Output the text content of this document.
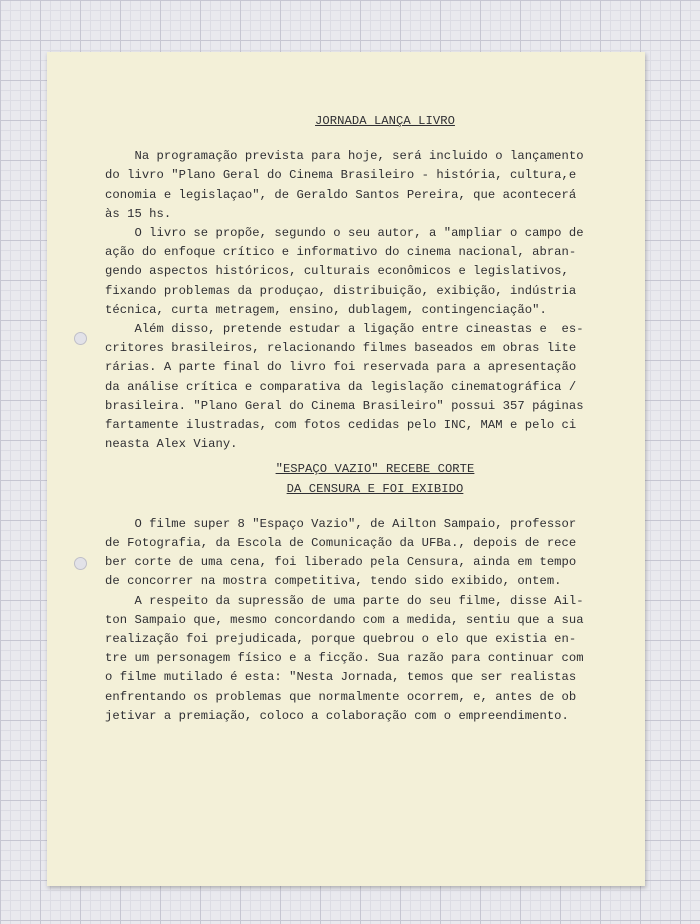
JORNADA LANÇA LIVRO

Na programação prevista para hoje, será incluido o lançamento

do livro "Plano Geral do Cinema Brasileiro - história, cultura,e

conomia e legislaçao", de Geraldo Santos Pereira, que acontecerá

às 15 hs.

O livro se propõe, segundo o seu autor, a "ampliar o campo de

ação do enfoque crítico e informativo do cinema nacional, abran-

gendo aspectos históricos, culturais econômicos e legislativos,

fixando problemas da produçao, distribuição, exibição, indústria

técnica, curta metragem, ensino, dublagem, contingenciação".

Além disso, pretende estudar a ligação entre cineastas e  es-

critores brasileiros, relacionando filmes baseados em obras lite

rárias. A parte final do livro foi reservada para a apresentação

da análise crítica e comparativa da legislação cinematográfica /

brasileira. "Plano Geral do Cinema Brasileiro" possui 357 páginas

fartamente ilustradas, com fotos cedidas pelo INC, MAM e pelo ci

neasta Alex Viany.

"ESPAÇO VAZIO" RECEBE CORTE
DA CENSURA E FOI EXIBIDO

O filme super 8 "Espaço Vazio", de Ailton Sampaio, professor

de Fotografia, da Escola de Comunicação da UFBa., depois de rece

ber corte de uma cena, foi liberado pela Censura, ainda em tempo

de concorrer na mostra competitiva, tendo sido exibido, ontem.

A respeito da supressão de uma parte do seu filme, disse Ail-

ton Sampaio que, mesmo concordando com a medida, sentiu que a sua

realização foi prejudicada, porque quebrou o elo que existia en-

tre um personagem físico e a ficção. Sua razão para continuar com

o filme mutilado é esta: "Nesta Jornada, temos que ser realistas

enfrentando os problemas que normalmente ocorrem, e, antes de ob

jetivar a premiação, coloco a colaboração com o empreendimento.
